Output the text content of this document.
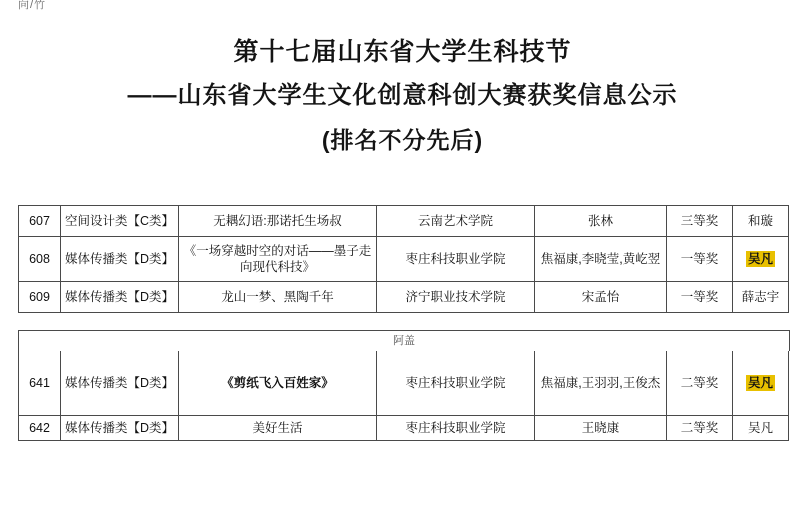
向/竹
第十七届山东省大学生科技节
——山东省大学生文化创意科创大赛获奖信息公示
(排名不分先后)
607	空间设计类【C类】	无耦幻语:那诺托生场叔	云南艺术学院	张林	三等奖	和璇
608	媒体传播类【D类】	《一场穿越时空的对话——墨子走向现代科技》	枣庄科技职业学院	焦福康,李晓莹,黄屹翌	一等奖	吴凡
609	媒体传播类【D类】	龙山一梦、黑陶千年	济宁职业技术学院	宋孟怡	一等奖	薛志宇
阿盖
641	媒体传播类【D类】	《剪纸飞入百姓家》	枣庄科技职业学院	焦福康,王羽羽,王俊杰	二等奖	吴凡
642	媒体传播类【D类】	美好生活	枣庄科技职业学院	王晓康	二等奖	吴凡
